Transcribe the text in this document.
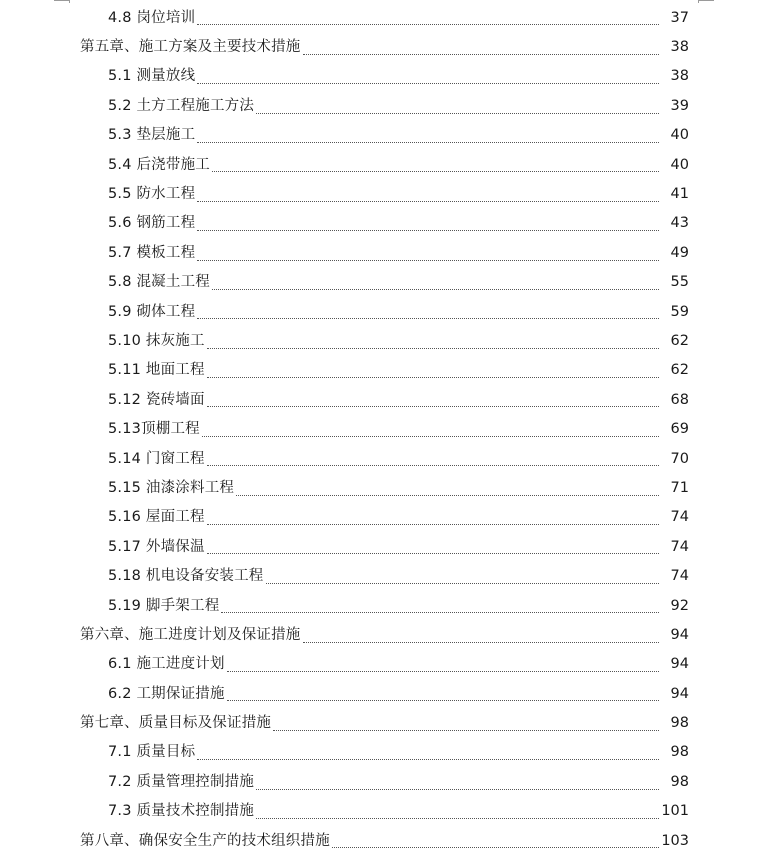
4.8 岗位培训	37
第五章、施工方案及主要技术措施	38
5.1 测量放线	38
5.2 土方工程施工方法	39
5.3 垫层施工	40
5.4 后浇带施工	40
5.5 防水工程	41
5.6 钢筋工程	43
5.7 模板工程	49
5.8 混凝土工程	55
5.9 砌体工程	59
5.10 抹灰施工	62
5.11 地面工程	62
5.12 瓷砖墙面	68
5.13顶棚工程	69
5.14 门窗工程	70
5.15 油漆涂料工程	71
5.16 屋面工程	74
5.17 外墙保温	74
5.18 机电设备安装工程	74
5.19 脚手架工程	92
第六章、施工进度计划及保证措施	94
6.1 施工进度计划	94
6.2 工期保证措施	94
第七章、质量目标及保证措施	98
7.1 质量目标	98
7.2 质量管理控制措施	98
7.3 质量技术控制措施	101
第八章、确保安全生产的技术组织措施	103
